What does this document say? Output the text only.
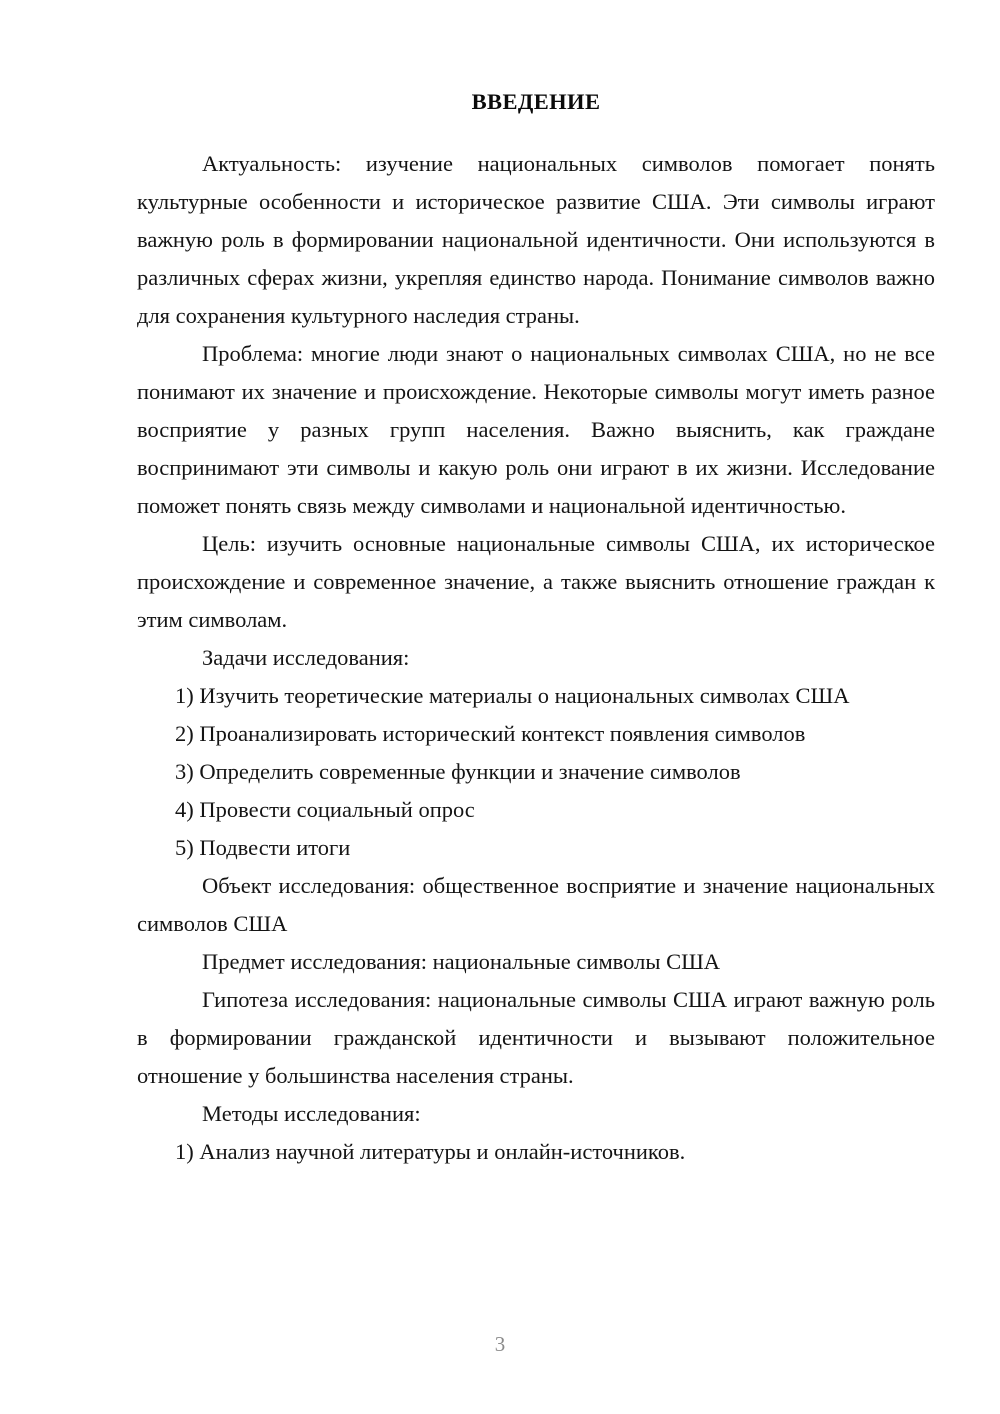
ВВЕДЕНИЕ

Актуальность: изучение национальных символов помогает понять культурные особенности и историческое развитие США. Эти символы играют важную роль в формировании национальной идентичности. Они используются в различных сферах жизни, укрепляя единство народа. Понимание символов важно для сохранения культурного наследия страны.

Проблема: многие люди знают о национальных символах США, но не все понимают их значение и происхождение. Некоторые символы могут иметь разное восприятие у разных групп населения. Важно выяснить, как граждане воспринимают эти символы и какую роль они играют в их жизни. Исследование поможет понять связь между символами и национальной идентичностью.

Цель: изучить основные национальные символы США, их историческое происхождение и современное значение, а также выяснить отношение граждан к этим символам.

Задачи исследования:

1) Изучить теоретические материалы о национальных символах США
2) Проанализировать исторический контекст появления символов
3) Определить современные функции и значение символов
4) Провести социальный опрос
5) Подвести итоги

Объект исследования: общественное восприятие и значение национальных символов США

Предмет исследования: национальные символы США

Гипотеза исследования: национальные символы США играют важную роль в формировании гражданской идентичности и вызывают положительное отношение у большинства населения страны.

Методы исследования:

1) Анализ научной литературы и онлайн-источников.
3
